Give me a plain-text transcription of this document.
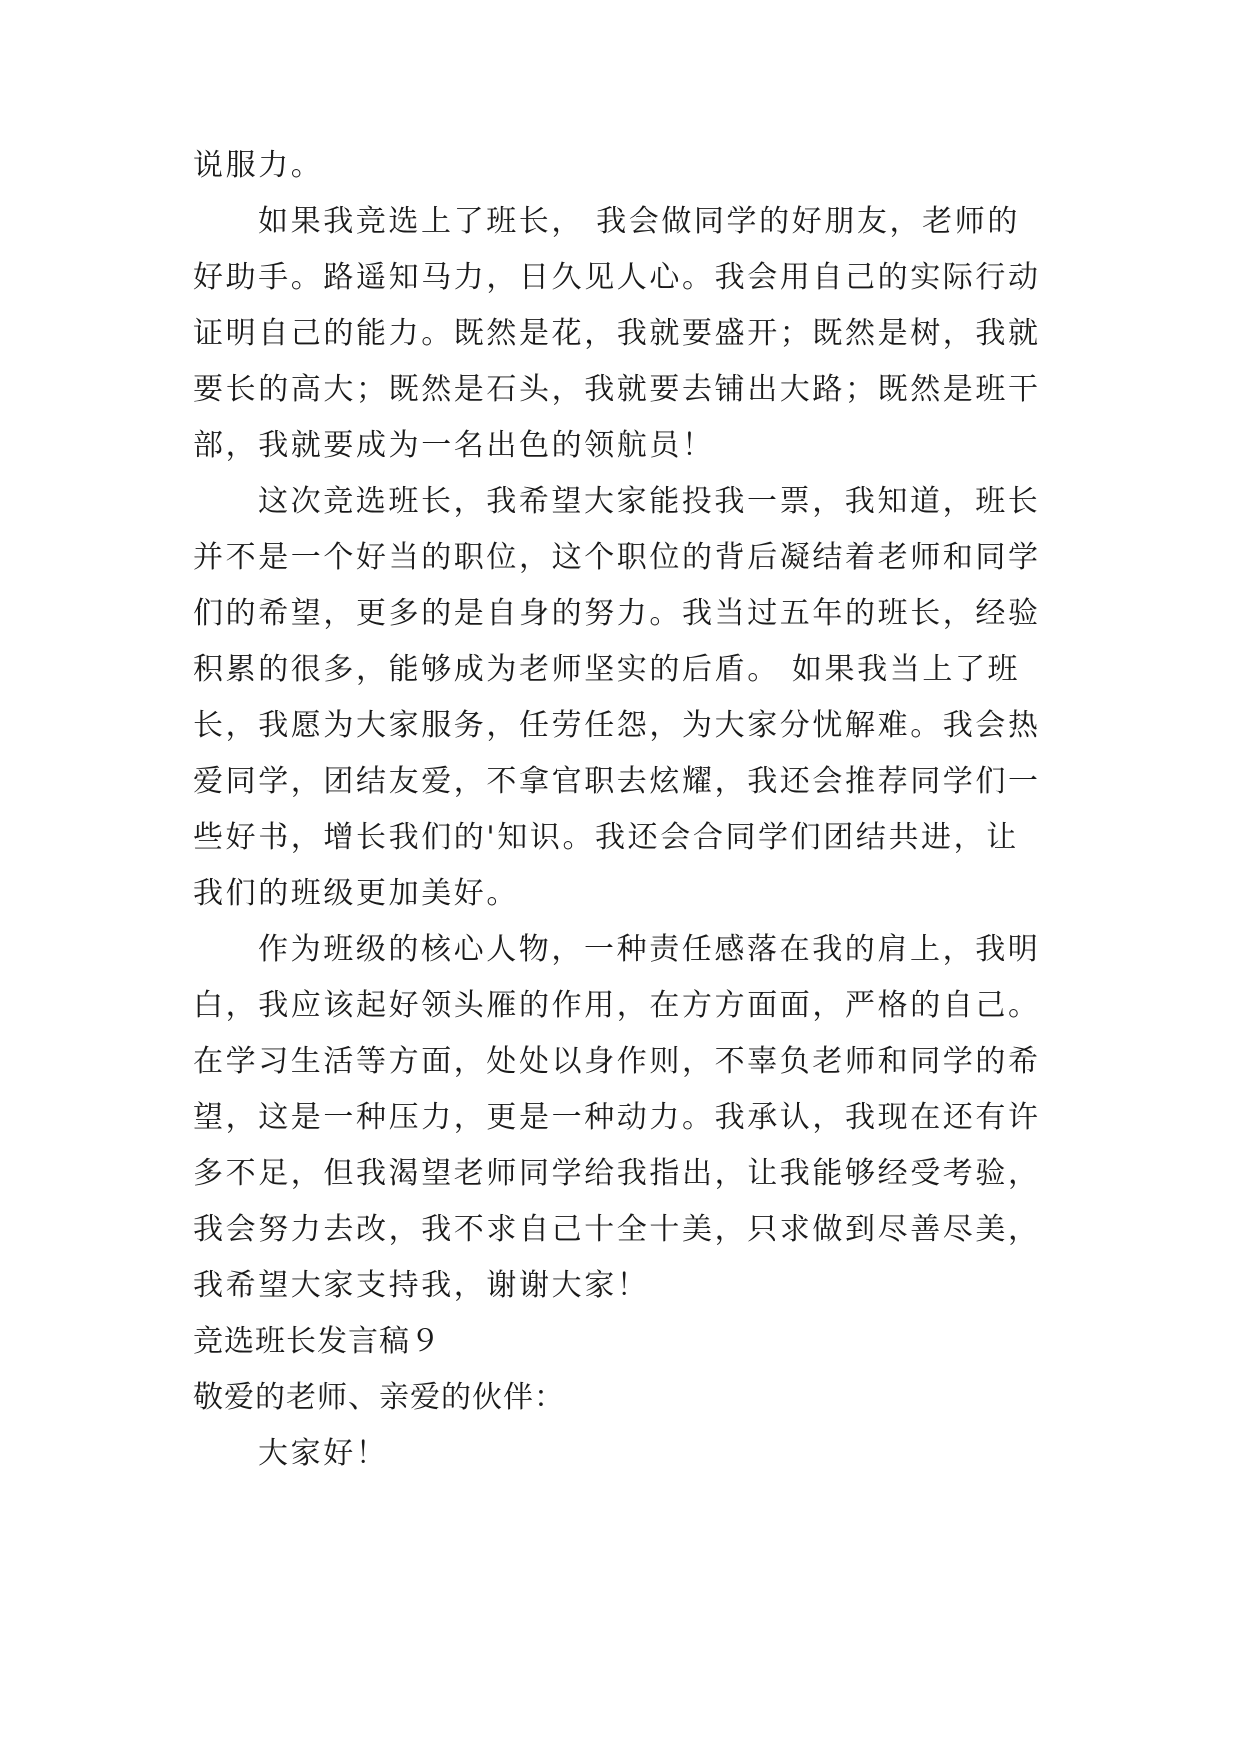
说服力。
如果我竞选上了班长， 我会做同学的好朋友，老师的
好助手。路遥知马力，日久见人心。我会用自己的实际行动
证明自己的能力。既然是花，我就要盛开；既然是树，我就
要长的高大；既然是石头，我就要去铺出大路；既然是班干
部，我就要成为一名出色的领航员！
这次竞选班长，我希望大家能投我一票，我知道，班长
并不是一个好当的职位，这个职位的背后凝结着老师和同学
们的希望，更多的是自身的努力。我当过五年的班长，经验
积累的很多，能够成为老师坚实的后盾。 如果我当上了班
长，我愿为大家服务，任劳任怨，为大家分忧解难。我会热
爱同学，团结友爱，不拿官职去炫耀，我还会推荐同学们一
些好书，增长我们的'知识。我还会合同学们团结共进，让
我们的班级更加美好。
作为班级的核心人物，一种责任感落在我的肩上，我明
白，我应该起好领头雁的作用，在方方面面，严格的自己。
在学习生活等方面，处处以身作则，不辜负老师和同学的希
望，这是一种压力，更是一种动力。我承认，我现在还有许
多不足，但我渴望老师同学给我指出，让我能够经受考验，
我会努力去改，我不求自己十全十美，只求做到尽善尽美，
我希望大家支持我，谢谢大家！
竞选班长发言稿９
敬爱的老师、亲爱的伙伴：
大家好！
